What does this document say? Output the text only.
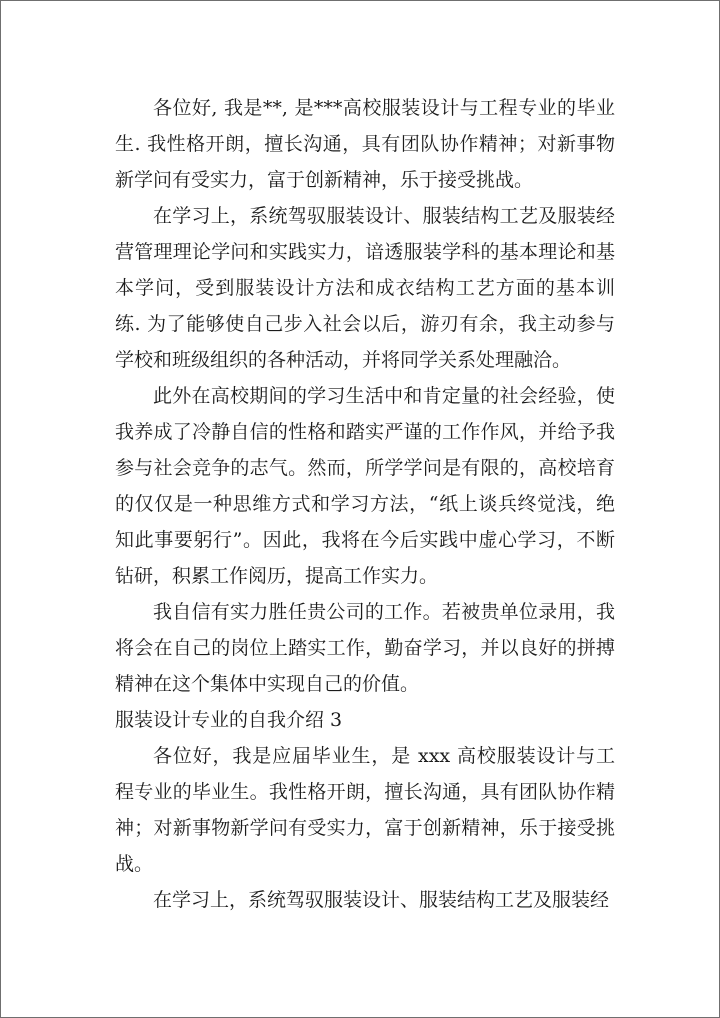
各位好, 我是**, 是***高校服装设计与工程专业的毕业生. 我性格开朗，擅长沟通，具有团队协作精神；对新事物新学问有受实力，富于创新精神，乐于接受挑战。

在学习上，系统驾驭服装设计、服装结构工艺及服装经营管理理论学问和实践实力，谙透服装学科的基本理论和基本学问，受到服装设计方法和成衣结构工艺方面的基本训练. 为了能够使自己步入社会以后，游刃有余，我主动参与学校和班级组织的各种活动，并将同学关系处理融洽。

此外在高校期间的学习生活中和肯定量的社会经验，使我养成了冷静自信的性格和踏实严谨的工作作风，并给予我参与社会竞争的志气。然而，所学学问是有限的，高校培育的仅仅是一种思维方式和学习方法，“纸上谈兵终觉浅，绝知此事要躬行”。因此，我将在今后实践中虚心学习，不断钻研，积累工作阅历，提高工作实力。

我自信有实力胜任贵公司的工作。若被贵单位录用，我将会在自己的岗位上踏实工作，勤奋学习，并以良好的拼搏精神在这个集体中实现自己的价值。

服装设计专业的自我介绍 3

各位好，我是应届毕业生，是 xxx 高校服装设计与工程专业的毕业生。我性格开朗，擅长沟通，具有团队协作精神；对新事物新学问有受实力，富于创新精神，乐于接受挑战。

在学习上，系统驾驭服装设计、服装结构工艺及服装经
